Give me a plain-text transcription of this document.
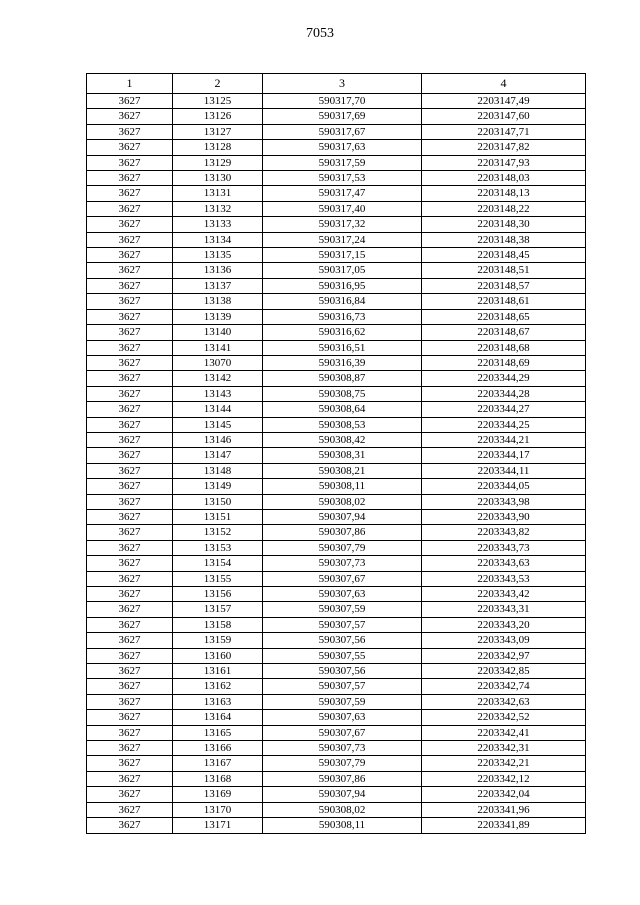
7053
1	2	3	4
3627	13125	590317,70	2203147,49
3627	13126	590317,69	2203147,60
3627	13127	590317,67	2203147,71
3627	13128	590317,63	2203147,82
3627	13129	590317,59	2203147,93
3627	13130	590317,53	2203148,03
3627	13131	590317,47	2203148,13
3627	13132	590317,40	2203148,22
3627	13133	590317,32	2203148,30
3627	13134	590317,24	2203148,38
3627	13135	590317,15	2203148,45
3627	13136	590317,05	2203148,51
3627	13137	590316,95	2203148,57
3627	13138	590316,84	2203148,61
3627	13139	590316,73	2203148,65
3627	13140	590316,62	2203148,67
3627	13141	590316,51	2203148,68
3627	13070	590316,39	2203148,69
3627	13142	590308,87	2203344,29
3627	13143	590308,75	2203344,28
3627	13144	590308,64	2203344,27
3627	13145	590308,53	2203344,25
3627	13146	590308,42	2203344,21
3627	13147	590308,31	2203344,17
3627	13148	590308,21	2203344,11
3627	13149	590308,11	2203344,05
3627	13150	590308,02	2203343,98
3627	13151	590307,94	2203343,90
3627	13152	590307,86	2203343,82
3627	13153	590307,79	2203343,73
3627	13154	590307,73	2203343,63
3627	13155	590307,67	2203343,53
3627	13156	590307,63	2203343,42
3627	13157	590307,59	2203343,31
3627	13158	590307,57	2203343,20
3627	13159	590307,56	2203343,09
3627	13160	590307,55	2203342,97
3627	13161	590307,56	2203342,85
3627	13162	590307,57	2203342,74
3627	13163	590307,59	2203342,63
3627	13164	590307,63	2203342,52
3627	13165	590307,67	2203342,41
3627	13166	590307,73	2203342,31
3627	13167	590307,79	2203342,21
3627	13168	590307,86	2203342,12
3627	13169	590307,94	2203342,04
3627	13170	590308,02	2203341,96
3627	13171	590308,11	2203341,89
